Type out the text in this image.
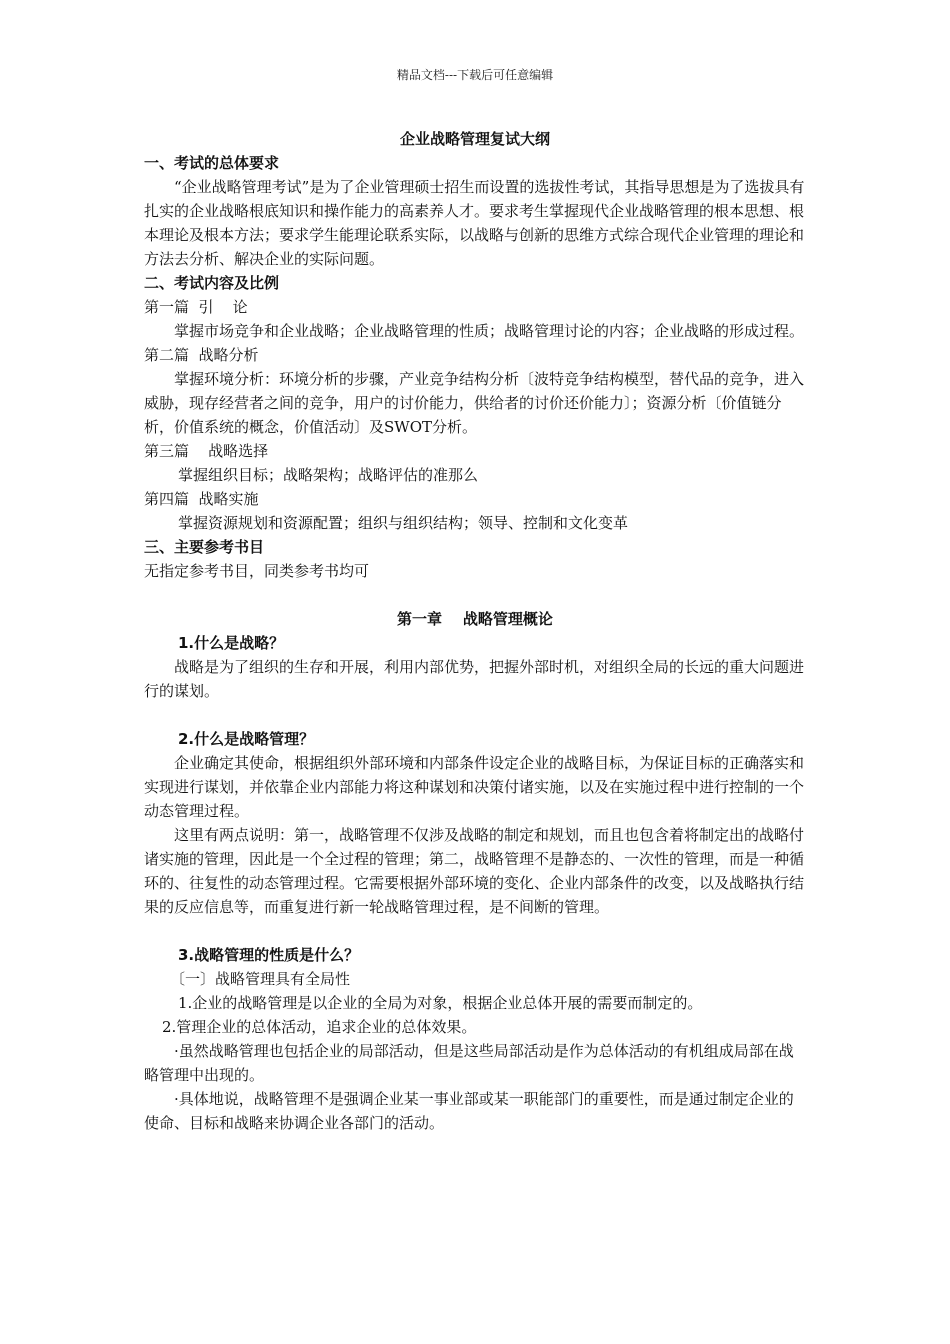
精品文档---下载后可任意编辑

企业战略管理复试大纲

一、考试的总体要求

“企业战略管理考试”是为了企业管理硕士招生而设置的选拔性考试，其指导思想是为了选拔具有扎实的企业战略根底知识和操作能力的高素养人才。要求考生掌握现代企业战略管理的根本思想、根本理论及根本方法；要求学生能理论联系实际，以战略与创新的思维方式综合现代企业管理的理论和方法去分析、解决企业的实际问题。

二、考试内容及比例

第一篇  引    论

掌握市场竞争和企业战略；企业战略管理的性质；战略管理讨论的内容；企业战略的形成过程。

第二篇  战略分析

掌握环境分析：环境分析的步骤，产业竞争结构分析〔波特竞争结构模型，替代品的竞争，进入威胁，现存经营者之间的竞争，用户的讨价能力，供给者的讨价还价能力〕；资源分析〔价值链分析，价值系统的概念，价值活动〕及SWOT分析。

第三篇    战略选择

掌握组织目标；战略架构；战略评估的准那么

第四篇  战略实施

掌握资源规划和资源配置；组织与组织结构；领导、控制和文化变革

三、主要参考书目

无指定参考书目，同类参考书均可

第一章    战略管理概论

1.什么是战略？

战略是为了组织的生存和开展，利用内部优势，把握外部时机，对组织全局的长远的重大问题进行的谋划。

2.什么是战略管理？

企业确定其使命，根据组织外部环境和内部条件设定企业的战略目标，为保证目标的正确落实和实现进行谋划，并依靠企业内部能力将这种谋划和决策付诸实施，以及在实施过程中进行控制的一个动态管理过程。

这里有两点说明：第一，战略管理不仅涉及战略的制定和规划，而且也包含着将制定出的战略付诸实施的管理，因此是一个全过程的管理；第二，战略管理不是静态的、一次性的管理，而是一种循环的、往复性的动态管理过程。它需要根据外部环境的变化、企业内部条件的改变，以及战略执行结果的反应信息等，而重复进行新一轮战略管理过程，是不间断的管理。

3.战略管理的性质是什么？

〔一〕战略管理具有全局性

1.企业的战略管理是以企业的全局为对象，根据企业总体开展的需要而制定的。

2.管理企业的总体活动，追求企业的总体效果。

·虽然战略管理也包括企业的局部活动，但是这些局部活动是作为总体活动的有机组成局部在战略管理中出现的。

·具体地说，战略管理不是强调企业某一事业部或某一职能部门的重要性，而是通过制定企业的使命、目标和战略来协调企业各部门的活动。
